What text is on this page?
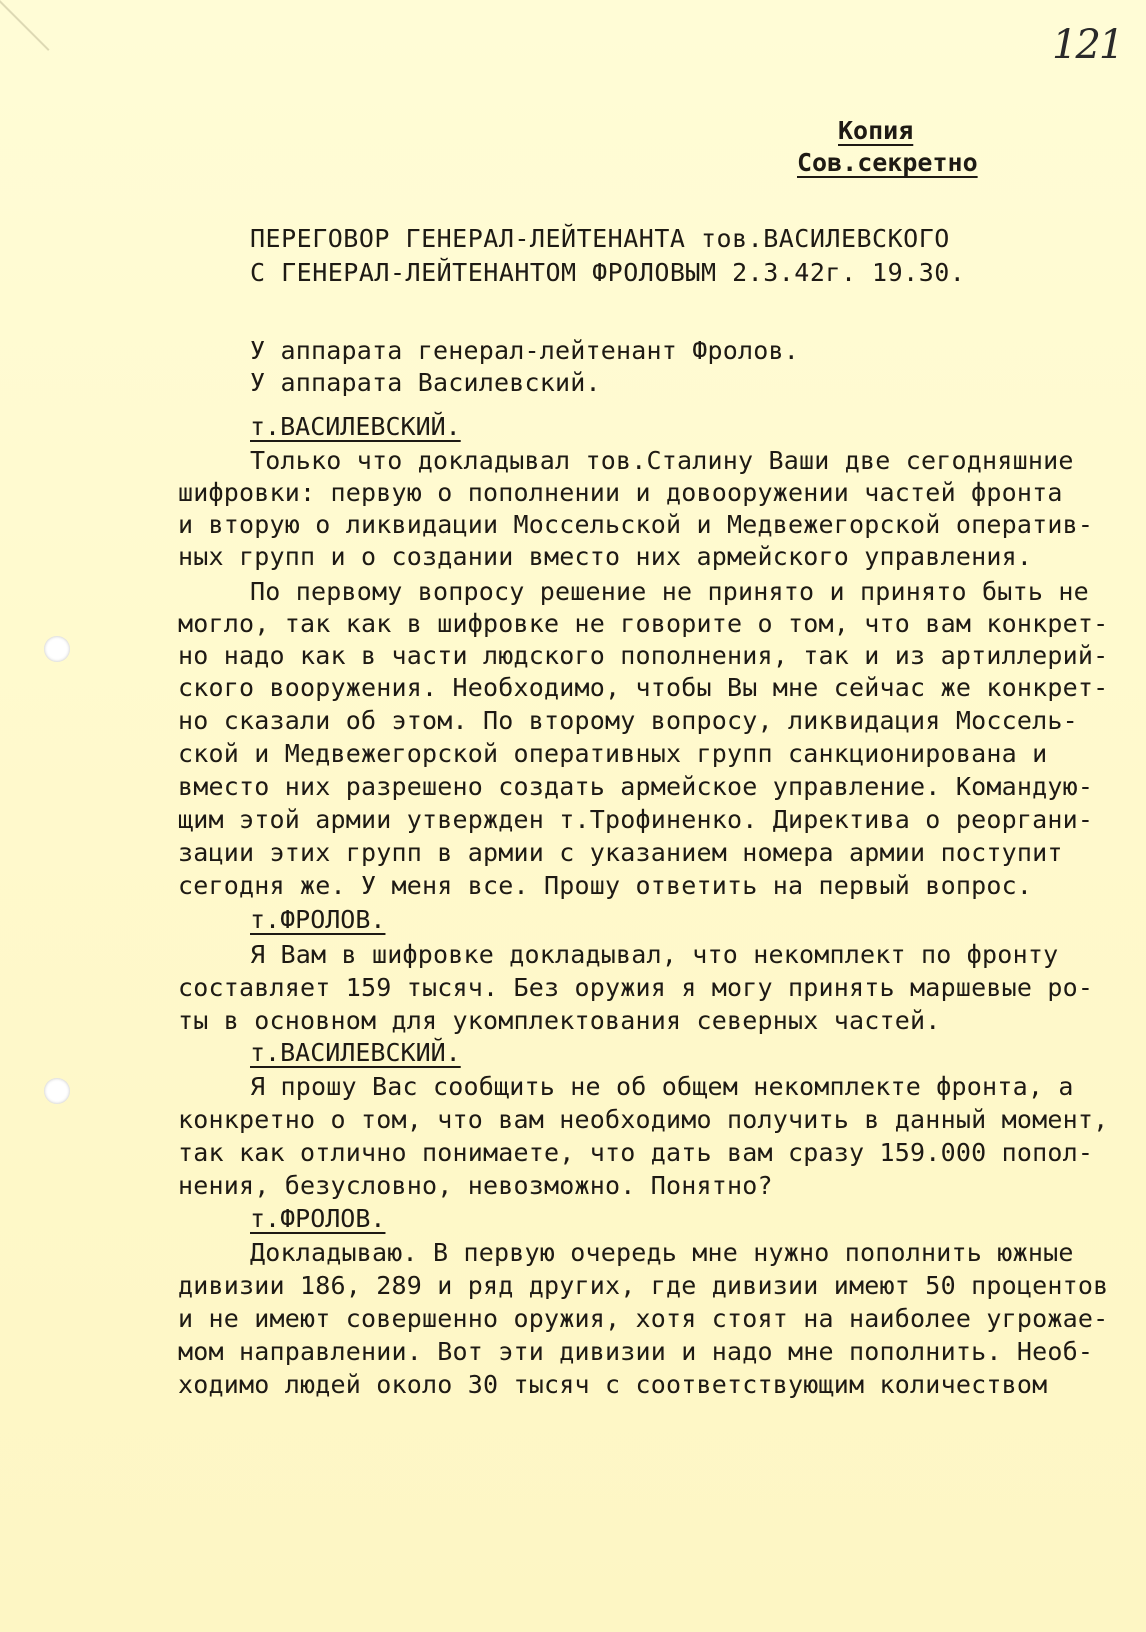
121
Копия
Сов.секретно
ПЕРЕГОВОР ГЕНЕРАЛ-ЛЕЙТЕНАНТА тов.ВАСИЛЕВСКОГО
С ГЕНЕРАЛ-ЛЕЙТЕНАНТОМ ФРОЛОВЫМ 2.3.42г. 19.30.
У аппарата генерал-лейтенант Фролов.
У аппарата Василевский.
т.ВАСИЛЕВСКИЙ.
Только что докладывал тов.Сталину Ваши две сегодняшние
шифровки: первую о пополнении и довооружении частей фронта
и вторую о ликвидации Моссельской и Медвежегорской оператив-
ных групп и о создании вместо них армейского управления.
По первому вопросу решение не принято и принято быть не
могло, так как в шифровке не говорите о том, что вам конкрет-
но надо как в части людского пополнения, так и из артиллерий-
ского вооружения. Необходимо, чтобы Вы мне сейчас же конкрет-
но сказали об этом. По второму вопросу, ликвидация Моссель-
ской и Медвежегорской оперативных групп санкционирована и
вместо них разрешено создать армейское управление. Командую-
щим этой армии утвержден т.Трофиненко. Директива о реоргани-
зации этих групп в армии с указанием номера армии поступит
сегодня же. У меня все. Прошу ответить на первый вопрос.
т.ФРОЛОВ.
Я Вам в шифровке докладывал, что некомплект по фронту
составляет 159 тысяч. Без оружия я могу принять маршевые ро-
ты в основном для укомплектования северных частей.
т.ВАСИЛЕВСКИЙ.
Я прошу Вас сообщить не об общем некомплекте фронта, а
конкретно о том, что вам необходимо получить в данный момент,
так как отлично понимаете, что дать вам сразу 159.000 попол-
нения, безусловно, невозможно. Понятно?
т.ФРОЛОВ.
Докладываю. В первую очередь мне нужно пополнить южные
дивизии 186, 289 и ряд других, где дивизии имеют 50 процентов
и не имеют совершенно оружия, хотя стоят на наиболее угрожае-
мом направлении. Вот эти дивизии и надо мне пополнить. Необ-
ходимо людей около 30 тысяч с соответствующим количеством
